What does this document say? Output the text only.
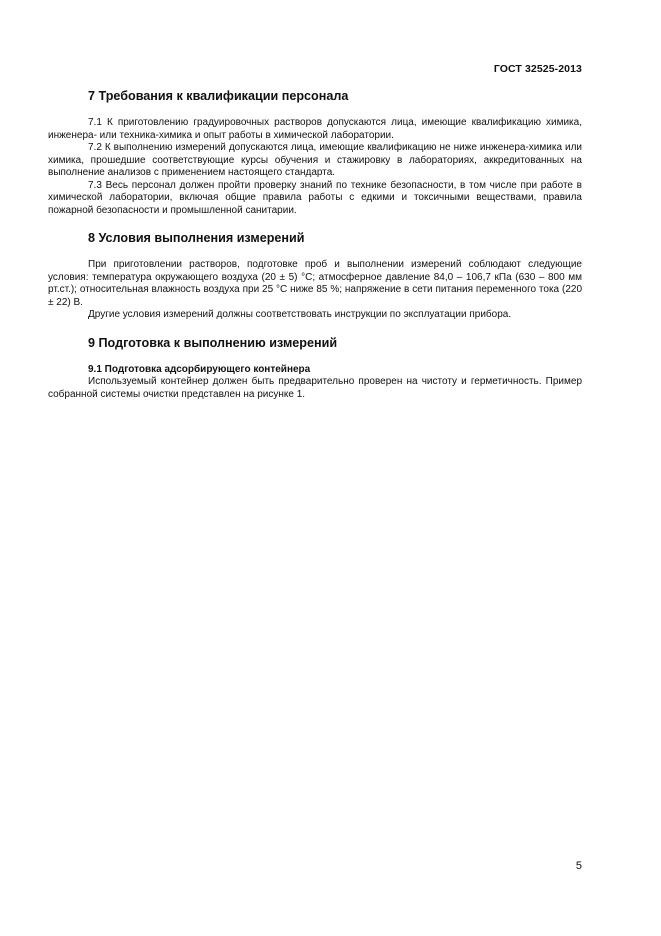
ГОСТ 32525-2013
7 Требования к квалификации персонала

7.1 К приготовлению градуировочных растворов допускаются лица, имеющие квалификацию химика, инженера- или техника-химика и опыт работы в химической лаборатории.

7.2 К выполнению измерений допускаются лица, имеющие квалификацию не ниже инженера-химика или химика, прошедшие соответствующие курсы обучения и стажировку в лабораториях, аккредитованных на выполнение анализов с применением настоящего стандарта.

7.3 Весь персонал должен пройти проверку знаний по технике безопасности, в том числе при работе в химической лаборатории, включая общие правила работы с едкими и токсичными веществами, правила пожарной безопасности и промышленной санитарии.

8 Условия выполнения измерений

При приготовлении растворов, подготовке проб и выполнении измерений соблюдают следующие условия: температура окружающего воздуха (20 ± 5) °С; атмосферное давление 84,0 – 106,7 кПа (630 – 800 мм рт.ст.); относительная влажность воздуха при 25 °С ниже 85 %; напряжение в сети питания переменного тока (220 ± 22) В.

Другие условия измерений должны соответствовать инструкции по эксплуатации прибора.

9 Подготовка к выполнению измерений
9.1 Подготовка адсорбирующего контейнера

Используемый контейнер должен быть предварительно проверен на чистоту и герметичность. Пример собранной системы очистки представлен на рисунке 1.

5
